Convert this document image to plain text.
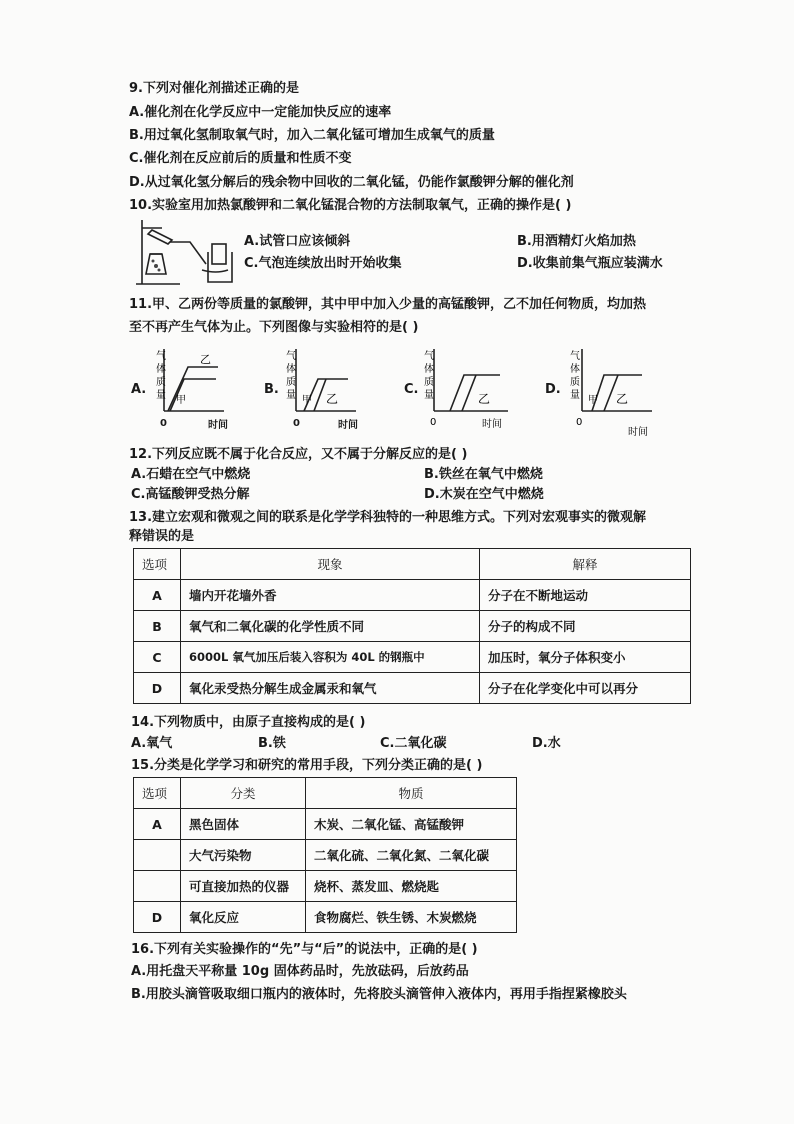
9.下列对催化剂描述正确的是
A.催化剂在化学反应中一定能加快反应的速率
B.用过氧化氢制取氧气时，加入二氧化锰可增加生成氧气的质量
C.催化剂在反应前后的质量和性质不变
D.从过氧化氢分解后的残余物中回收的二氧化锰，仍能作氯酸钾分解的催化剂
10.实验室用加热氯酸钾和二氧化锰混合物的方法制取氧气，正确的操作是( )
A.试管口应该倾斜	B.用酒精灯火焰加热
C.气泡连续放出时开始收集	D.收集前集气瓶应装满水
11.甲、乙两份等质量的氯酸钾，其中甲中加入少量的高锰酸钾，乙不加任何物质，均加热
至不再产生气体为止。下列图像与实验相符的是( )
A.
气
体
质
量 甲
乙
B.
气
体
质
量 甲 乙
C.
气
体
质
量	乙
0	时间
D.
气
体
质
量 甲 乙
0
时间
0	时间	0	时间
12.下列反应既不属于化合反应，又不属于分解反应的是( )
A.石蜡在空气中燃烧	B.铁丝在氧气中燃烧
C.高锰酸钾受热分解	D.木炭在空气中燃烧
13.建立宏观和微观之间的联系是化学学科独特的一种思维方式。下列对宏观事实的微观解
释错误的是
选项	现象	解释
A	墙内开花墙外香	分子在不断地运动
B	氧气和二氧化碳的化学性质不同	分子的构成不同
C	6000L 氧气加压后装入容积为 40L 的钢瓶中	加压时，氧分子体积变小
D	氧化汞受热分解生成金属汞和氧气	分子在化学变化中可以再分
14.下列物质中，由原子直接构成的是( )
A.氧气	B.铁	C.二氧化碳	D.水
15.分类是化学学习和研究的常用手段，下列分类正确的是( )
选项	分类	物质
A	黑色固体	木炭、二氧化锰、高锰酸钾
	大气污染物	二氧化硫、二氧化氮、二氧化碳
	可直接加热的仪器	烧杯、蒸发皿、燃烧匙
D	氧化反应	食物腐烂、铁生锈、木炭燃烧
16.下列有关实验操作的“先”与“后”的说法中，正确的是( )
A.用托盘天平称量 10g 固体药品时，先放砝码，后放药品
B.用胶头滴管吸取细口瓶内的液体时，先将胶头滴管伸入液体内，再用手指捏紧橡胶头
